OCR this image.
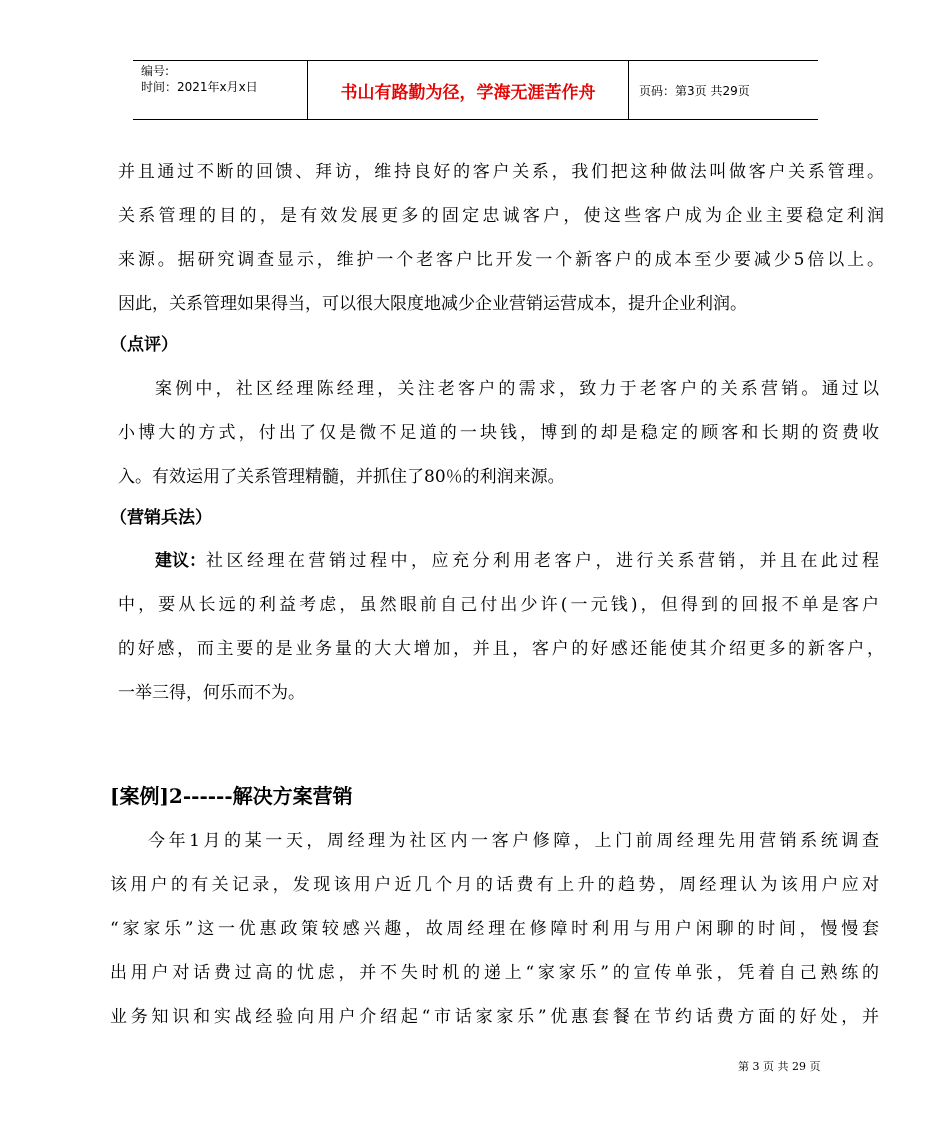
编号:
时间：2021年x月x日	书山有路勤为径，学海无涯苦作舟	页码：第3页 共29页
并且通过不断的回馈、拜访，维持良好的客户关系，我们把这种做法叫做客户关系管理。
关系管理的目的，是有效发展更多的固定忠诚客户，使这些客户成为企业主要稳定利润
来源。据研究调查显示，维护一个老客户比开发一个新客户的成本至少要减少5倍以上。
因此，关系管理如果得当，可以很大限度地减少企业营销运营成本，提升企业利润。
（点评）
案例中，社区经理陈经理，关注老客户的需求，致力于老客户的关系营销。通过以
小博大的方式，付出了仅是微不足道的一块钱，博到的却是稳定的顾客和长期的资费收
入。有效运用了关系管理精髓，并抓住了80％的利润来源。
（营销兵法）
建议： 社区经理在营销过程中，应充分利用老客户，进行关系营销，并且在此过程
中，要从长远的利益考虑，虽然眼前自己付出少许(一元钱)，但得到的回报不单是客户
的好感，而主要的是业务量的大大增加，并且，客户的好感还能使其介绍更多的新客户，
一举三得，何乐而不为。
[案例]2------解决方案营销
今年1月的某一天，周经理为社区内一客户修障，上门前周经理先用营销系统调查
该用户的有关记录，发现该用户近几个月的话费有上升的趋势，周经理认为该用户应对
“家家乐”这一优惠政策较感兴趣，故周经理在修障时利用与用户闲聊的时间，慢慢套
出用户对话费过高的忧虑，并不失时机的递上“家家乐”的宣传单张，凭着自己熟练的
业务知识和实战经验向用户介绍起“市话家家乐”优惠套餐在节约话费方面的好处，并
第 3 页 共 29 页
